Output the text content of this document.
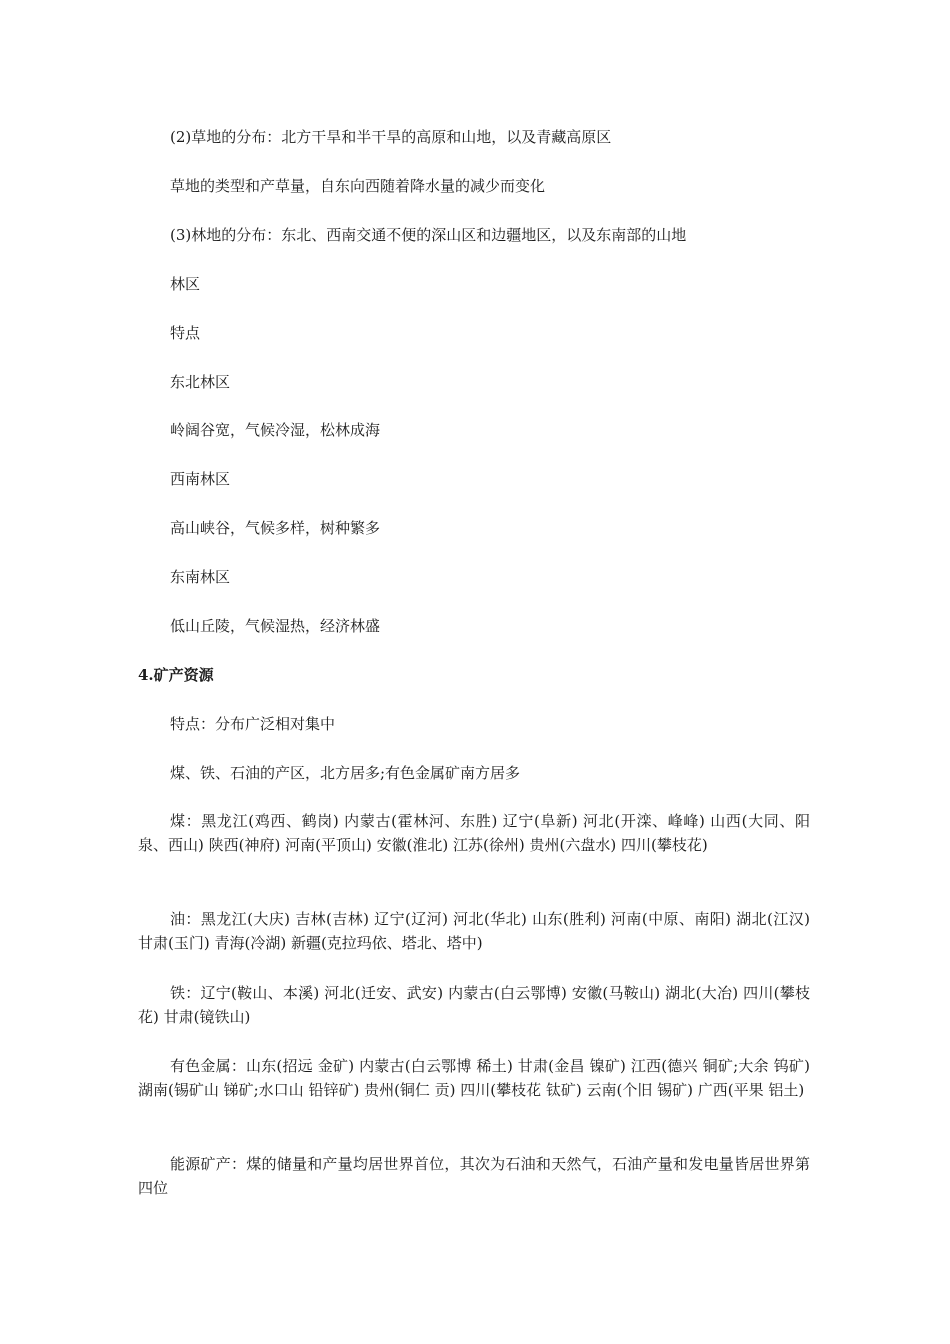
(2)草地的分布：北方干旱和半干旱的高原和山地，以及青藏高原区

草地的类型和产草量，自东向西随着降水量的减少而变化

(3)林地的分布：东北、西南交通不便的深山区和边疆地区，以及东南部的山地

林区

特点

东北林区

岭阔谷宽，气候冷湿，松林成海

西南林区

高山峡谷，气候多样，树种繁多

东南林区

低山丘陵，气候湿热，经济林盛

4.矿产资源

特点：分布广泛相对集中

煤、铁、石油的产区，北方居多;有色金属矿南方居多

煤：黑龙江(鸡西、鹤岗) 内蒙古(霍林河、东胜) 辽宁(阜新) 河北(开滦、峰峰) 山西(大同、阳泉、西山) 陕西(神府) 河南(平顶山) 安徽(淮北) 江苏(徐州) 贵州(六盘水) 四川(攀枝花)

油：黑龙江(大庆) 吉林(吉林) 辽宁(辽河) 河北(华北) 山东(胜利) 河南(中原、南阳) 湖北(江汉) 甘肃(玉门) 青海(冷湖) 新疆(克拉玛依、塔北、塔中)

铁：辽宁(鞍山、本溪) 河北(迁安、武安) 内蒙古(白云鄂博) 安徽(马鞍山) 湖北(大冶) 四川(攀枝花) 甘肃(镜铁山)

有色金属：山东(招远 金矿) 内蒙古(白云鄂博 稀土) 甘肃(金昌 镍矿) 江西(德兴 铜矿;大余 钨矿) 湖南(锡矿山 锑矿;水口山 铅锌矿) 贵州(铜仁 贡) 四川(攀枝花 钛矿) 云南(个旧 锡矿) 广西(平果 铝土)

能源矿产：煤的储量和产量均居世界首位，其次为石油和天然气，石油产量和发电量皆居世界第四位
